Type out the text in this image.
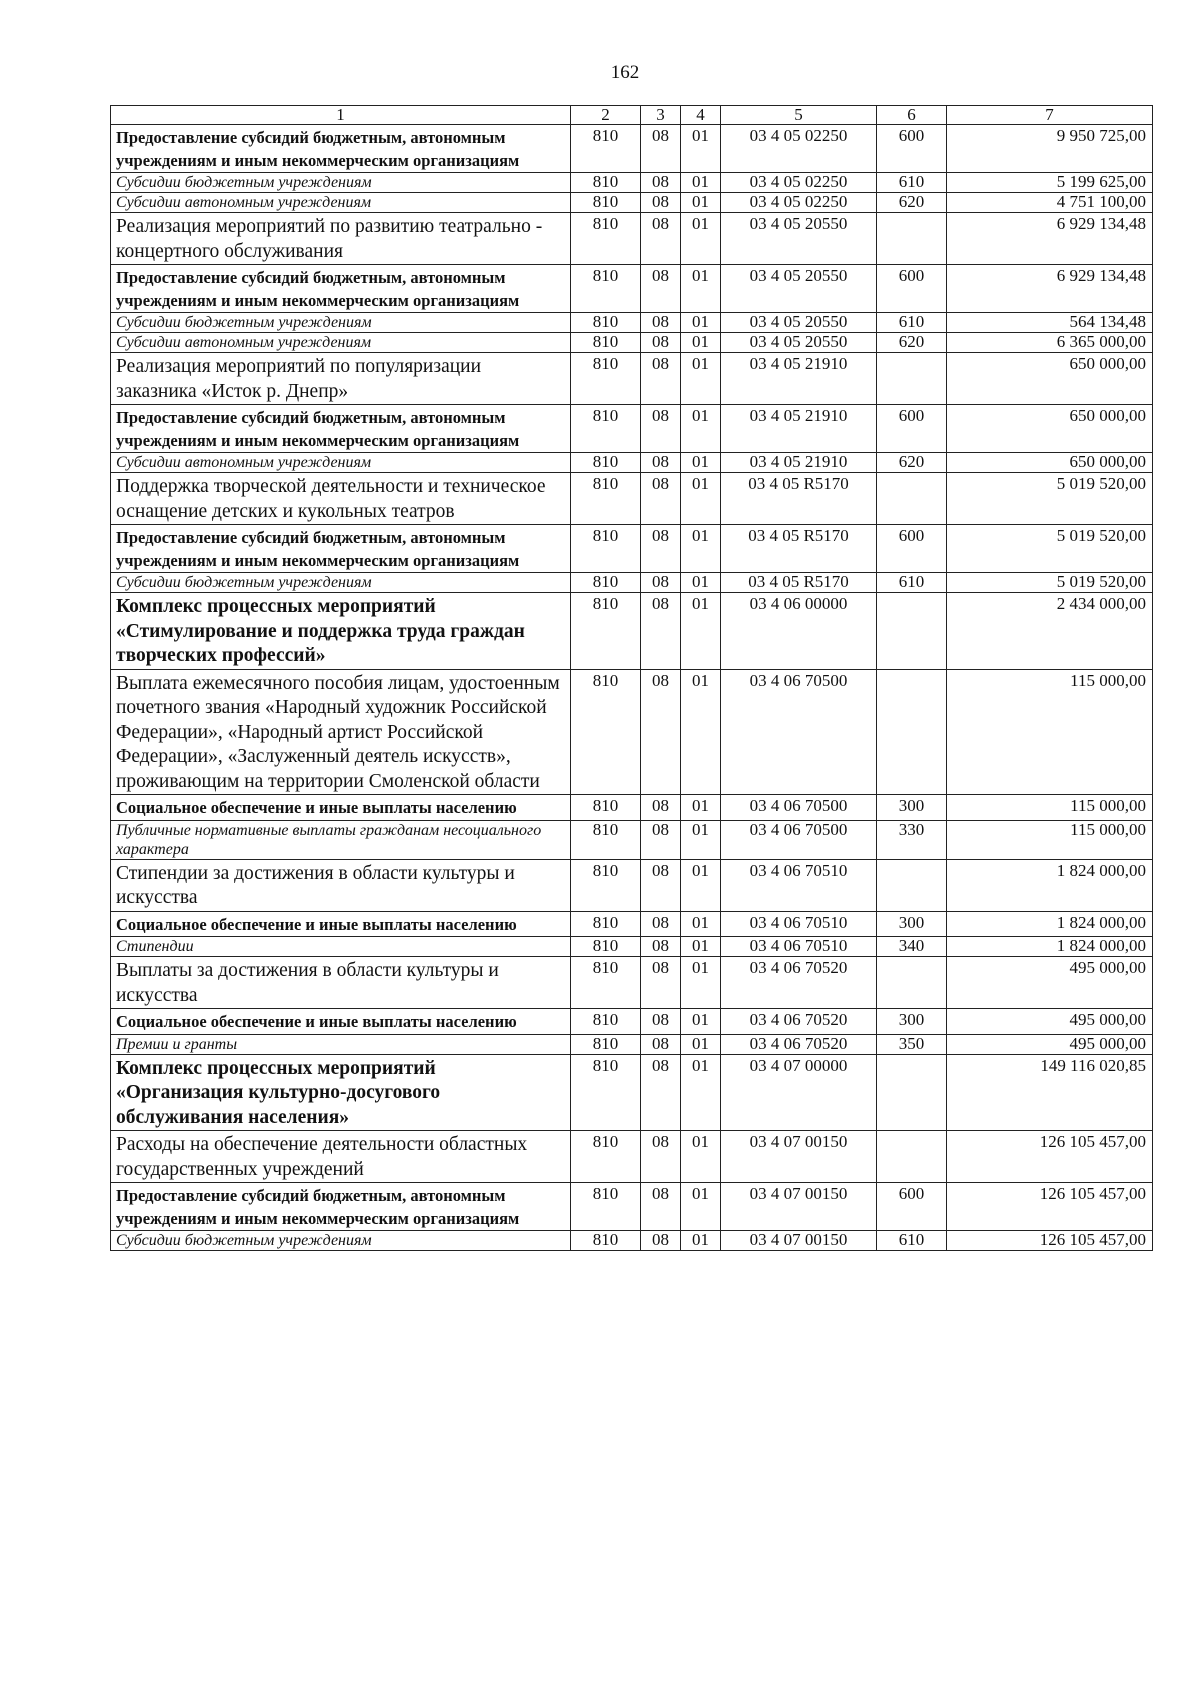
162
1	2	3	4	5	6	7
Предоставление субсидий бюджетным, автономным учреждениям и иным некоммерческим организациям	810	08	01	03 4 05 02250	600	9 950 725,00
Субсидии бюджетным учреждениям	810	08	01	03 4 05 02250	610	5 199 625,00
Субсидии автономным учреждениям	810	08	01	03 4 05 02250	620	4 751 100,00
Реализация мероприятий по развитию театрально - концертного обслуживания	810	08	01	03 4 05 20550		6 929 134,48
Предоставление субсидий бюджетным, автономным учреждениям и иным некоммерческим организациям	810	08	01	03 4 05 20550	600	6 929 134,48
Субсидии бюджетным учреждениям	810	08	01	03 4 05 20550	610	564 134,48
Субсидии автономным учреждениям	810	08	01	03 4 05 20550	620	6 365 000,00
Реализация мероприятий по популяризации заказника «Исток р. Днепр»	810	08	01	03 4 05 21910		650 000,00
Предоставление субсидий бюджетным, автономным учреждениям и иным некоммерческим организациям	810	08	01	03 4 05 21910	600	650 000,00
Субсидии автономным учреждениям	810	08	01	03 4 05 21910	620	650 000,00
Поддержка творческой деятельности и техническое оснащение детских и кукольных театров	810	08	01	03 4 05 R5170		5 019 520,00
Предоставление субсидий бюджетным, автономным учреждениям и иным некоммерческим организациям	810	08	01	03 4 05 R5170	600	5 019 520,00
Субсидии бюджетным учреждениям	810	08	01	03 4 05 R5170	610	5 019 520,00
Комплекс процессных мероприятий «Стимулирование и поддержка труда граждан творческих профессий»	810	08	01	03 4 06 00000		2 434 000,00
Выплата ежемесячного пособия лицам, удостоенным почетного звания «Народный художник Российской Федерации», «Народный артист Российской Федерации», «Заслуженный деятель искусств», проживающим на территории Смоленской области	810	08	01	03 4 06 70500		115 000,00
Социальное обеспечение и иные выплаты населению	810	08	01	03 4 06 70500	300	115 000,00
Публичные нормативные выплаты гражданам несоциального характера	810	08	01	03 4 06 70500	330	115 000,00
Стипендии за достижения в области культуры и искусства	810	08	01	03 4 06 70510		1 824 000,00
Социальное обеспечение и иные выплаты населению	810	08	01	03 4 06 70510	300	1 824 000,00
Стипендии	810	08	01	03 4 06 70510	340	1 824 000,00
Выплаты за достижения в области культуры и искусства	810	08	01	03 4 06 70520		495 000,00
Социальное обеспечение и иные выплаты населению	810	08	01	03 4 06 70520	300	495 000,00
Премии и гранты	810	08	01	03 4 06 70520	350	495 000,00
Комплекс процессных мероприятий «Организация культурно-досугового обслуживания населения»	810	08	01	03 4 07 00000		149 116 020,85
Расходы на обеспечение деятельности областных государственных учреждений	810	08	01	03 4 07 00150		126 105 457,00
Предоставление субсидий бюджетным, автономным учреждениям и иным некоммерческим организациям	810	08	01	03 4 07 00150	600	126 105 457,00
Субсидии бюджетным учреждениям	810	08	01	03 4 07 00150	610	126 105 457,00
